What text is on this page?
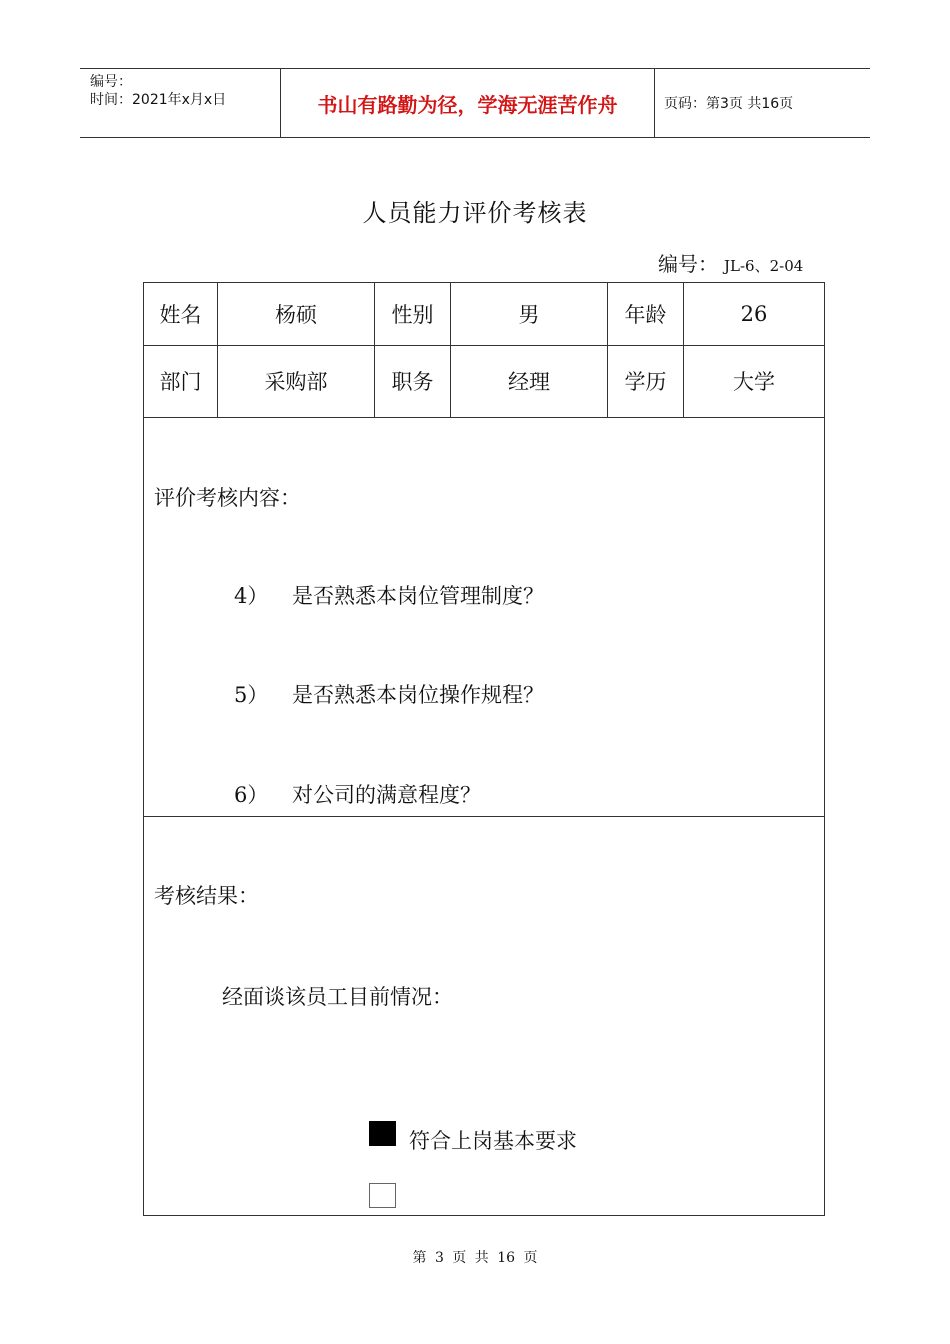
编号：
时间：2021年x月x日	书山有路勤为径，学海无涯苦作舟	页码：第3页 共16页
人员能力评价考核表
编号： JL-6、2-04
姓名	杨硕	性别	男	年龄	26
部门	采购部	职务	经理	学历	大学
评价考核内容：
4） 是否熟悉本岗位管理制度？
5） 是否熟悉本岗位操作规程？
6） 对公司的满意程度？
考核结果：
经面谈该员工目前情况：
符合上岗基本要求
第 3 页 共 16 页
